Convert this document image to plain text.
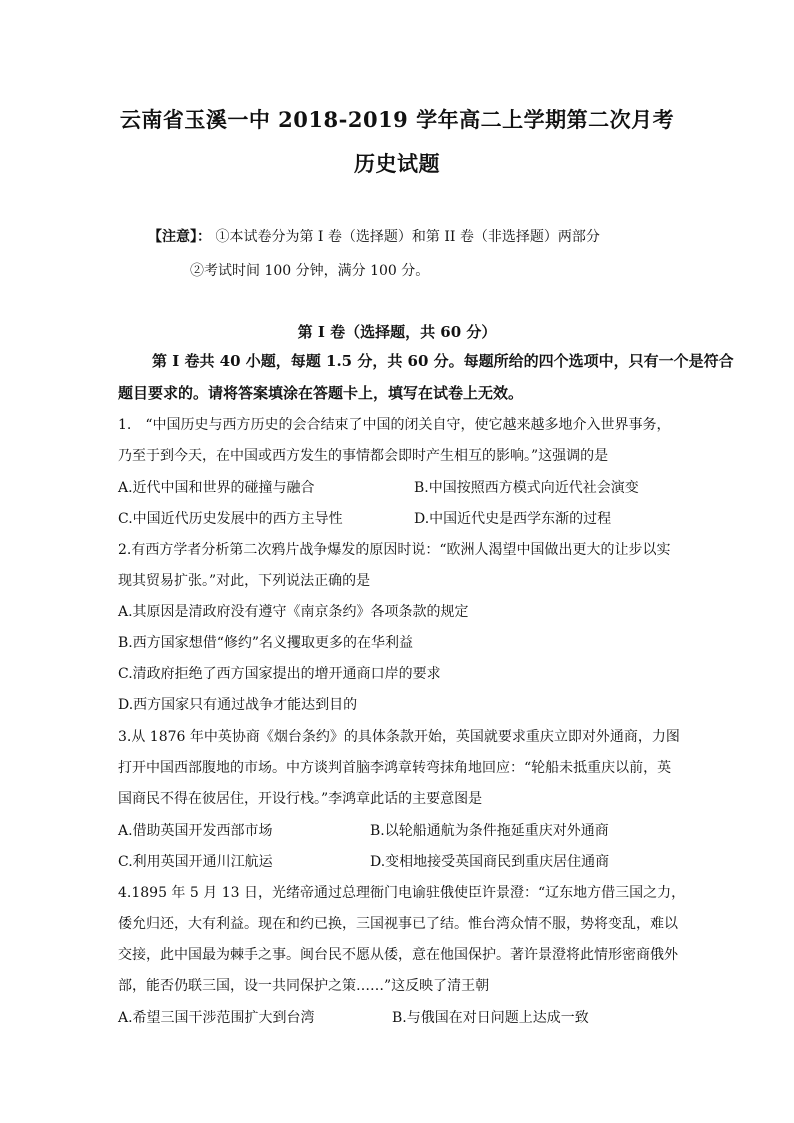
云南省玉溪一中 2018-2019 学年高二上学期第二次月考
历史试题
【注意】： ①本试卷分为第 I 卷（选择题）和第 II 卷（非选择题）两部分
②考试时间 100 分钟，满分 100 分。
第 I 卷（选择题，共 60 分）
第 I 卷共 40 小题，每题 1.5 分，共 60 分。每题所给的四个选项中，只有一个是符合
题目要求的。请将答案填涂在答题卡上，填写在试卷上无效。
1.　“中国历史与西方历史的会合结束了中国的闭关自守，使它越来越多地介入世界事务，
乃至于到今天，在中国或西方发生的事情都会即时产生相互的影响。”这强调的是
A.近代中国和世界的碰撞与融合	B.中国按照西方模式向近代社会演变
C.中国近代历史发展中的西方主导性	D.中国近代史是西学东渐的过程
2.有西方学者分析第二次鸦片战争爆发的原因时说：“欧洲人渴望中国做出更大的让步以实
现其贸易扩张。”对此，下列说法正确的是
A.其原因是清政府没有遵守《南京条约》各项条款的规定
B.西方国家想借“修约”名义攫取更多的在华利益
C.清政府拒绝了西方国家提出的增开通商口岸的要求
D.西方国家只有通过战争才能达到目的
3.从 1876 年中英协商《烟台条约》的具体条款开始，英国就要求重庆立即对外通商，力图
打开中国西部腹地的市场。中方谈判首脑李鸿章转弯抹角地回应：“轮船未抵重庆以前，英
国商民不得在彼居住，开设行栈。”李鸿章此话的主要意图是
A.借助英国开发西部市场	B.以轮船通航为条件拖延重庆对外通商
C.利用英国开通川江航运	D.变相地接受英国商民到重庆居住通商
4.1895 年 5 月 13 日，光绪帝通过总理衙门电谕驻俄使臣许景澄：“辽东地方借三国之力，
倭允归还，大有利益。现在和约已换，三国视事已了结。惟台湾众情不服，势将变乱，难以
交接，此中国最为棘手之事。闽台民不愿从倭，意在他国保护。著许景澄将此情形密商俄外
部，能否仍联三国，设一共同保护之策……”这反映了清王朝
A.希望三国干涉范围扩大到台湾	B.与俄国在对日问题上达成一致
